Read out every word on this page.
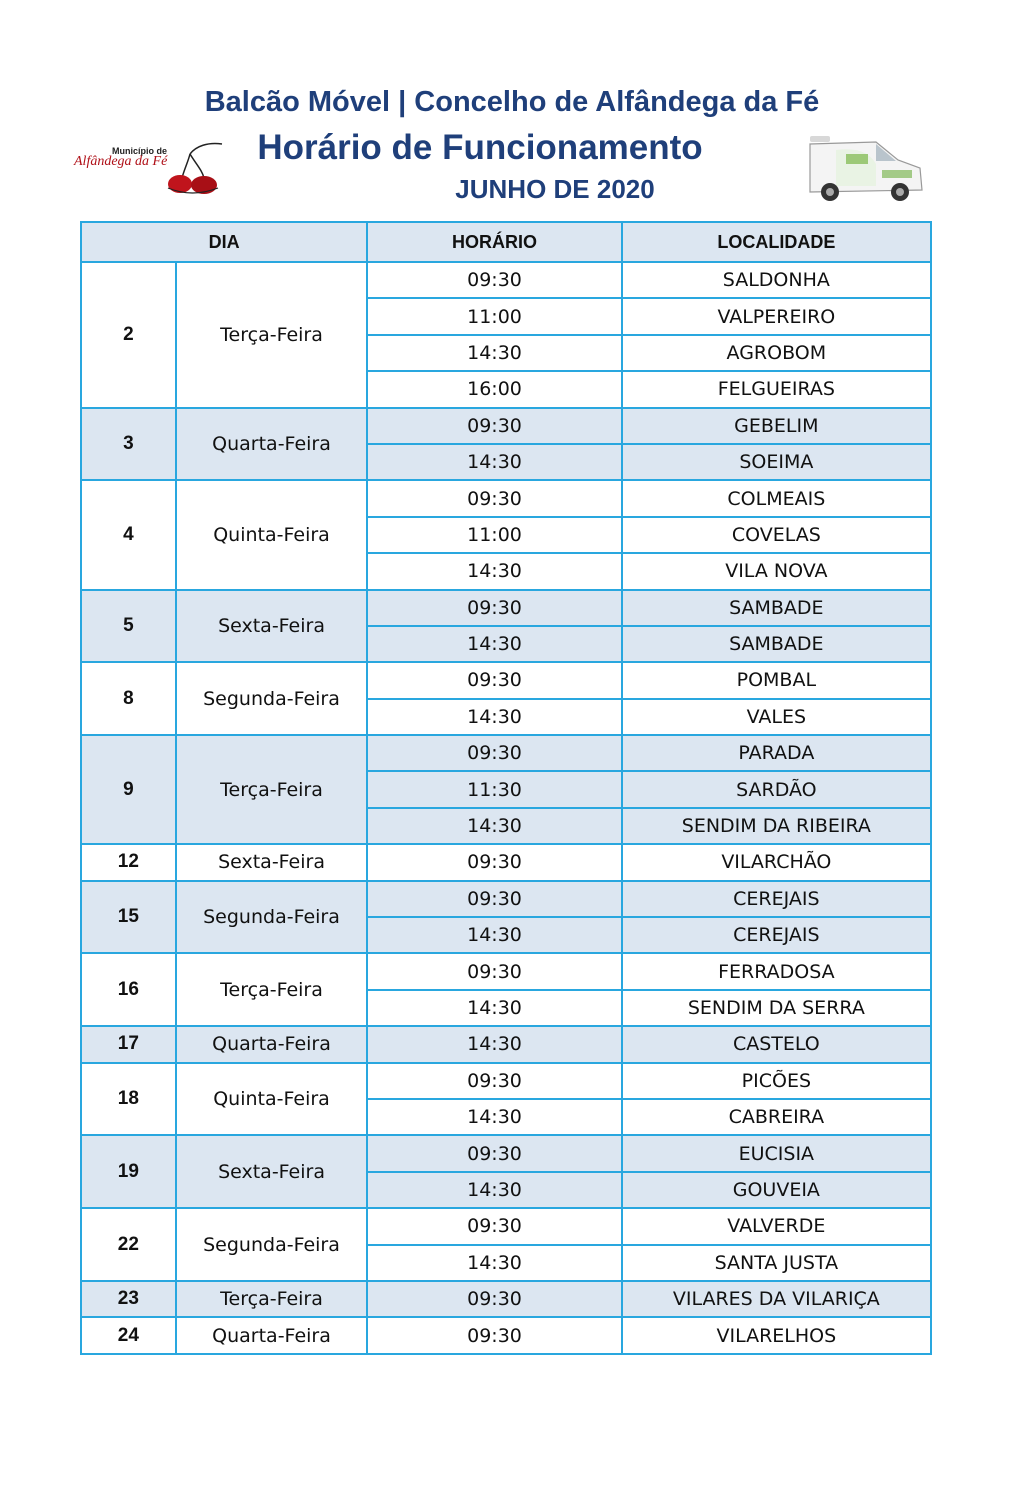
Balcão Móvel | Concelho de Alfândega da Fé
Município de
Alfândega da Fé	Horário de Funcionamento
JUNHO DE 2020
DIA		HORÁRIO	LOCALIDADE
2	Terça-Feira	09:30	SALDONHA
		11:00	VALPEREIRO
		14:30	AGROBOM
		16:00	FELGUEIRAS
3	Quarta-Feira	09:30	GEBELIM
		14:30	SOEIMA
4	Quinta-Feira	09:30	COLMEAIS
		11:00	COVELAS
		14:30	VILA NOVA
5	Sexta-Feira	09:30	SAMBADE
		14:30	SAMBADE
8	Segunda-Feira	09:30	POMBAL
		14:30	VALES
9	Terça-Feira	09:30	PARADA
		11:30	SARDÃO
		14:30	SENDIM DA RIBEIRA
12	Sexta-Feira	09:30	VILARCHÃO
15	Segunda-Feira	09:30	CEREJAIS
		14:30	CEREJAIS
16	Terça-Feira	09:30	FERRADOSA
		14:30	SENDIM DA SERRA
17	Quarta-Feira	14:30	CASTELO
18	Quinta-Feira	09:30	PICÕES
		14:30	CABREIRA
19	Sexta-Feira	09:30	EUCISIA
		14:30	GOUVEIA
22	Segunda-Feira	09:30	VALVERDE
		14:30	SANTA JUSTA
23	Terça-Feira	09:30	VILARES DA VILARIÇA
24	Quarta-Feira	09:30	VILARELHOS
